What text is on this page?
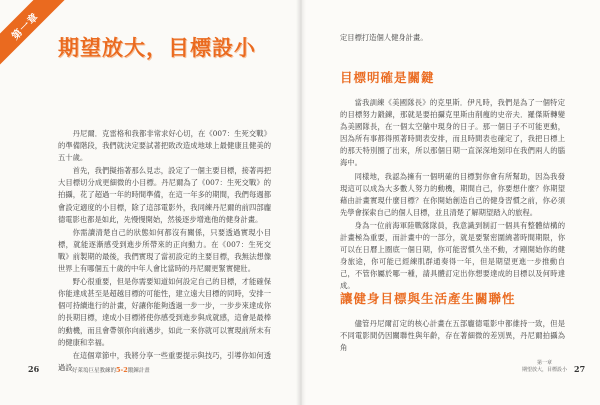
第一章
期望放大，目標設小

丹尼爾．克雷格和我都非常求好心切，在《007：生死交戰》的準備階段，我們就決定要試著把敗改造成地球上最健康且健美的五十歲。

首先，我們擬指著那么見志，設定了一個主要目標，接著再把大目標切分成更細微的小目標。丹尼爾為了《007：生死交戰》的拍攝，花了超過一年的時間準備，在這一年多的期間，我們每週都會設定適度的小目標，除了這部電影外，我同練丹尼爾的前四部龐德電影也都是如此，先慢慢開始，然後逐步增進他的健身計畫。

你需讀清楚自己的狀態如何都沒有關係，只要透過實現小目標，就能逐漸感受到進步所帶來的正向動力。在《007：生死交戰》前製期的最後，我們實現了當初設定的主要目標，我無法想像世界上有哪個五十歲的中年人會比當時的丹尼爾更緊實健壯。

野心很重要，但是你需要知道如何設定自己的目標，才能確保你能達成甚至是超越目標的可能性，建立遠大目標的同時，安排一個可持續進行的計畫，好讓你能夠透過一步一步，一步步來達成你的長期目標，達成小目標將使你感受到進步與成就感，這會是最棒的動機，而且會帶領你向前邁步，如此一來你就可以實現前所未有的健康和幸福。

在這個章節中，我將分享一些重要提示與技巧，引導你如何透過設

26	好萊塢巨星教練的5-2鍛鍊計畫
定目標打造個人健身計畫。
目標明確是關鍵

當我訓練《美國隊長》的克里斯．伊凡時，我們是為了一個特定的目標努力鍛鍊，那就是要拍攝克里斯由削瘦的史帝夫．羅傑斯轉變為美國隊長，在一個太空艙中現身的日子。那一個日子不可能更動，因為所有事都得照著時間表安排，而且時間表也確定了，我把日標上的那天特別圈了出來，所以那個日期一直深深地刻印在我們兩人的腦海中。

同樣地，我認為擁有一個明確的目標對你會有所幫助，因為我發現這可以成為大多數人努力的動機，期間自己，你要想什麼？你期望藉由計畫實現什麼目標？在你開始創造自己的健身習慣之前，你必須先學會探索自己的個人目標，並且清楚了解期望踏入的旅程。

身為一位前海軍陸戰隊隊員，我意識到制訂一個具有整體結構的計畫極為重要，而計畫中的一部分，就是要緊密圍繞著時間期限，你可以在日曆上圈底一個日期，你可能習慣久坐不動，才剛開始你的健身旅途，你可能已經練肌群通奏得一年，但是期望更進一步推動自己，不管你屬於哪一種，請具體訂定出你想要達成的目標以及何時達成。

讓健身目標與生活產生關聯性

儘管丹尼爾訂定的核心計畫在五部龐德電影中都維持一致，但是不同電影間仍因關聯性與年齡，存在著細微的差別異，丹尼爾拍攝為角

第一章
期望放大，目標設小 27
